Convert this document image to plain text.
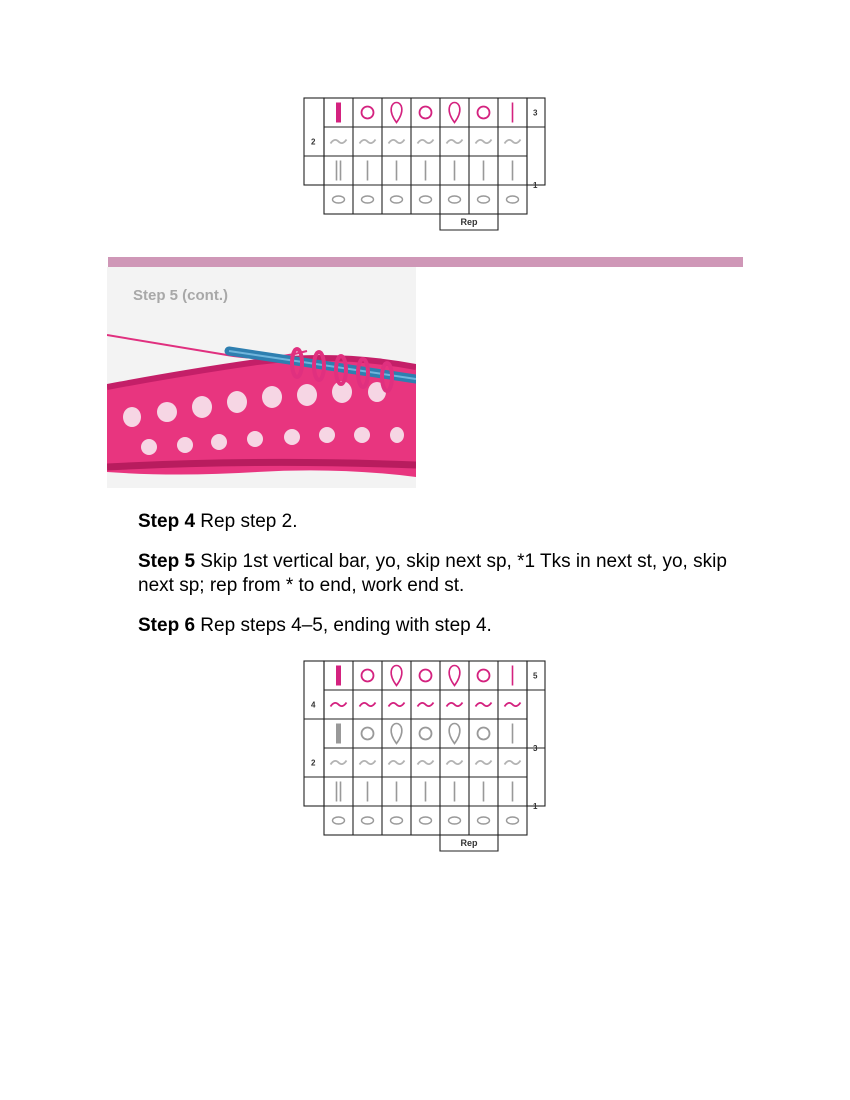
3
2
1
Rep
Step 5 (cont.)

Step 4 Rep step 2.

Step 5 Skip 1st vertical bar, yo, skip next sp, *1 Tks in next st, yo, skip next sp; rep from * to end, work end st.

Step 6 Rep steps 4–5, ending with step 4.

5
4
3
2
1
Rep
